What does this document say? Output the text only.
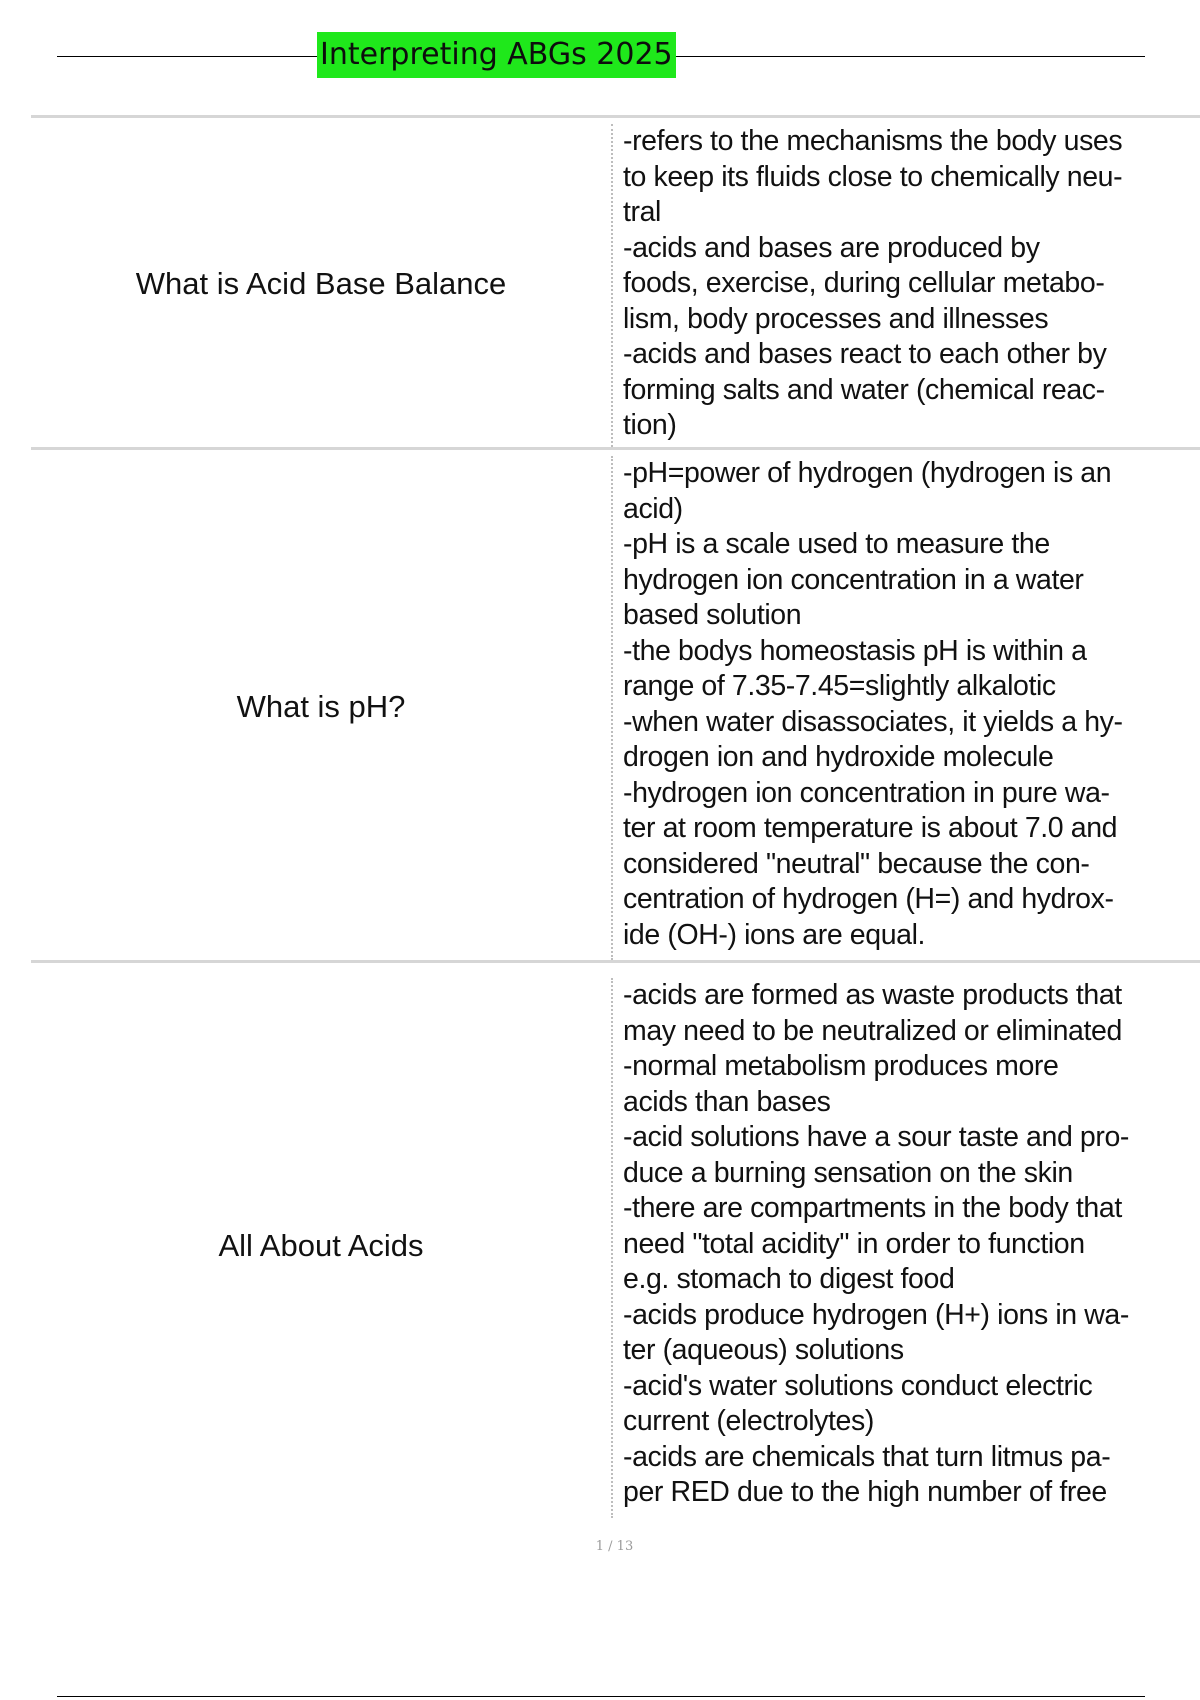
Interpreting ABGs 2025
What is Acid Base Balance
-refers to the mechanisms the body uses
to keep its fluids close to chemically neu-
tral
-acids and bases are produced by
foods, exercise, during cellular metabo-
lism, body processes and illnesses
-acids and bases react to each other by
forming salts and water (chemical reac-
tion)
What is pH?
-pH=power of hydrogen (hydrogen is an
acid)
-pH is a scale used to measure the
hydrogen ion concentration in a water
based solution
-the bodys homeostasis pH is within a
range of 7.35-7.45=slightly alkalotic
-when water disassociates, it yields a hy-
drogen ion and hydroxide molecule
-hydrogen ion concentration in pure wa-
ter at room temperature is about 7.0 and
considered "neutral" because the con-
centration of hydrogen (H=) and hydrox-
ide (OH-) ions are equal.
All About Acids
-acids are formed as waste products that
may need to be neutralized or eliminated
-normal metabolism produces more
acids than bases
-acid solutions have a sour taste and pro-
duce a burning sensation on the skin
-there are compartments in the body that
need "total acidity" in order to function
e.g. stomach to digest food
-acids produce hydrogen (H+) ions in wa-
ter (aqueous) solutions
-acid's water solutions conduct electric
current (electrolytes)
-acids are chemicals that turn litmus pa-
per RED due to the high number of free
1 / 13
